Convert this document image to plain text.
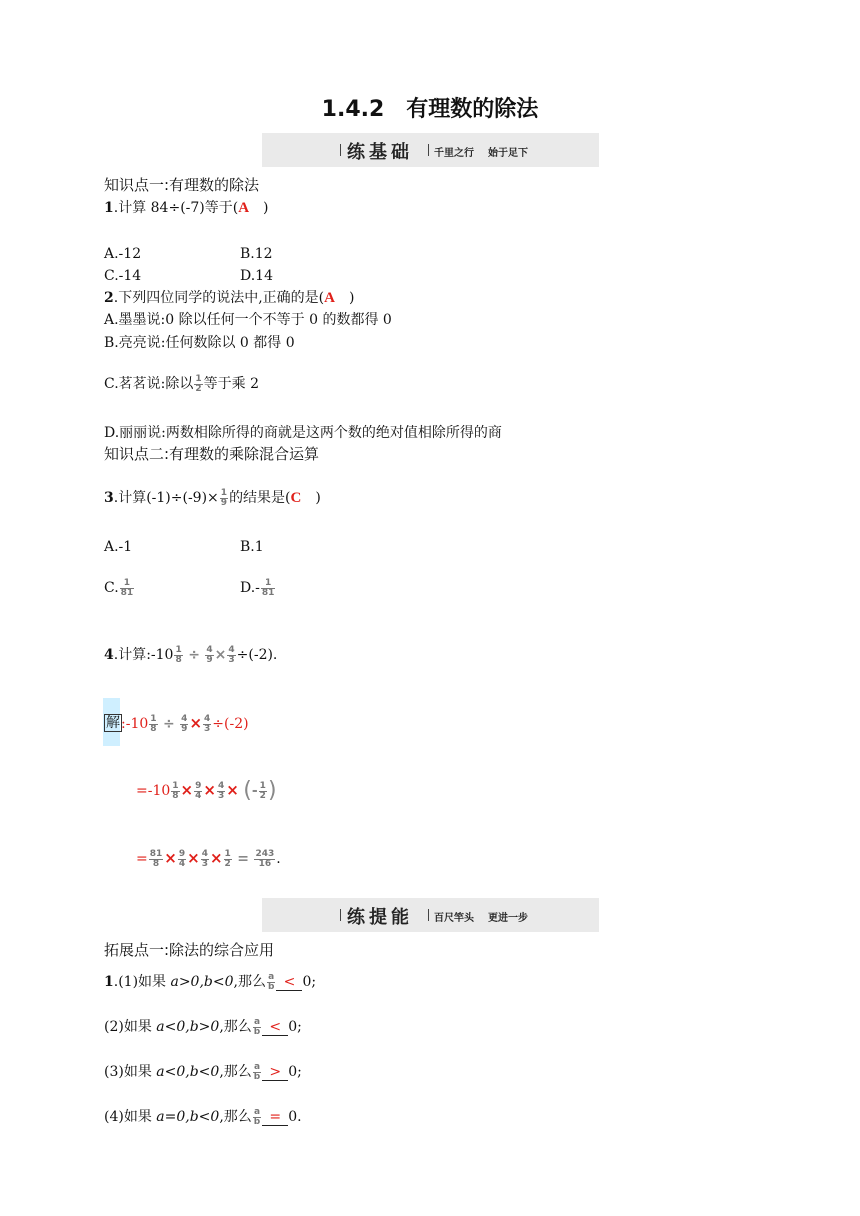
1.4.2　有理数的除法
练基础 千里之行 始于足下
知识点一:有理数的除法
1.计算 84÷(-7)等于(A　)
A.-12	B.12
C.-14	D.14
2.下列四位同学的说法中,正确的是(A　)
A.墨墨说:0 除以任何一个不等于 0 的数都得 0
B.亮亮说:任何数除以 0 都得 0
C.茗茗说:除以 $\frac{1}{2}$ 等于乘 2
D.丽丽说:两数相除所得的商就是这两个数的绝对值相除所得的商
知识点二:有理数的乘除混合运算
3.计算$(-1)\div(-9)\times \frac{1}{9}$ 的结果是(C　)
A.-1	B.1
C. $\frac{1}{81}$	$D.- \frac{1}{81}$
4.计算:-10 $\frac{1}{8} \div \frac{4}{9} \times \frac{4}{3} \div(-2)$.
解 :-10 $\frac{1}{8} \div \frac{4}{9} \times \frac{4}{3} \div(-2)$
$=-10 \frac{1}{8} \times \frac{9}{4} \times \frac{4}{3}$ × (- $\frac{1}{2}$ )
= $\frac{81}{8} \times \frac{9}{4} \times \frac{4}{3} \times \frac{1}{2} = \frac{243}{16}$ .
练提能 百尺竿头 更进一步
拓展点一:除法的综合应用
1.(1)如果 a>0,b<0,那么 $\frac{a}{b} < 0$;
(2)如果 a<0,b>0,那么 $\frac{a}{b} < 0$;
(3)如果 a<0,b<0,那么 $\frac{a}{b} > 0$;
(4)如果 a=0,b<0,那么 $\frac{a}{b} = 0$.
